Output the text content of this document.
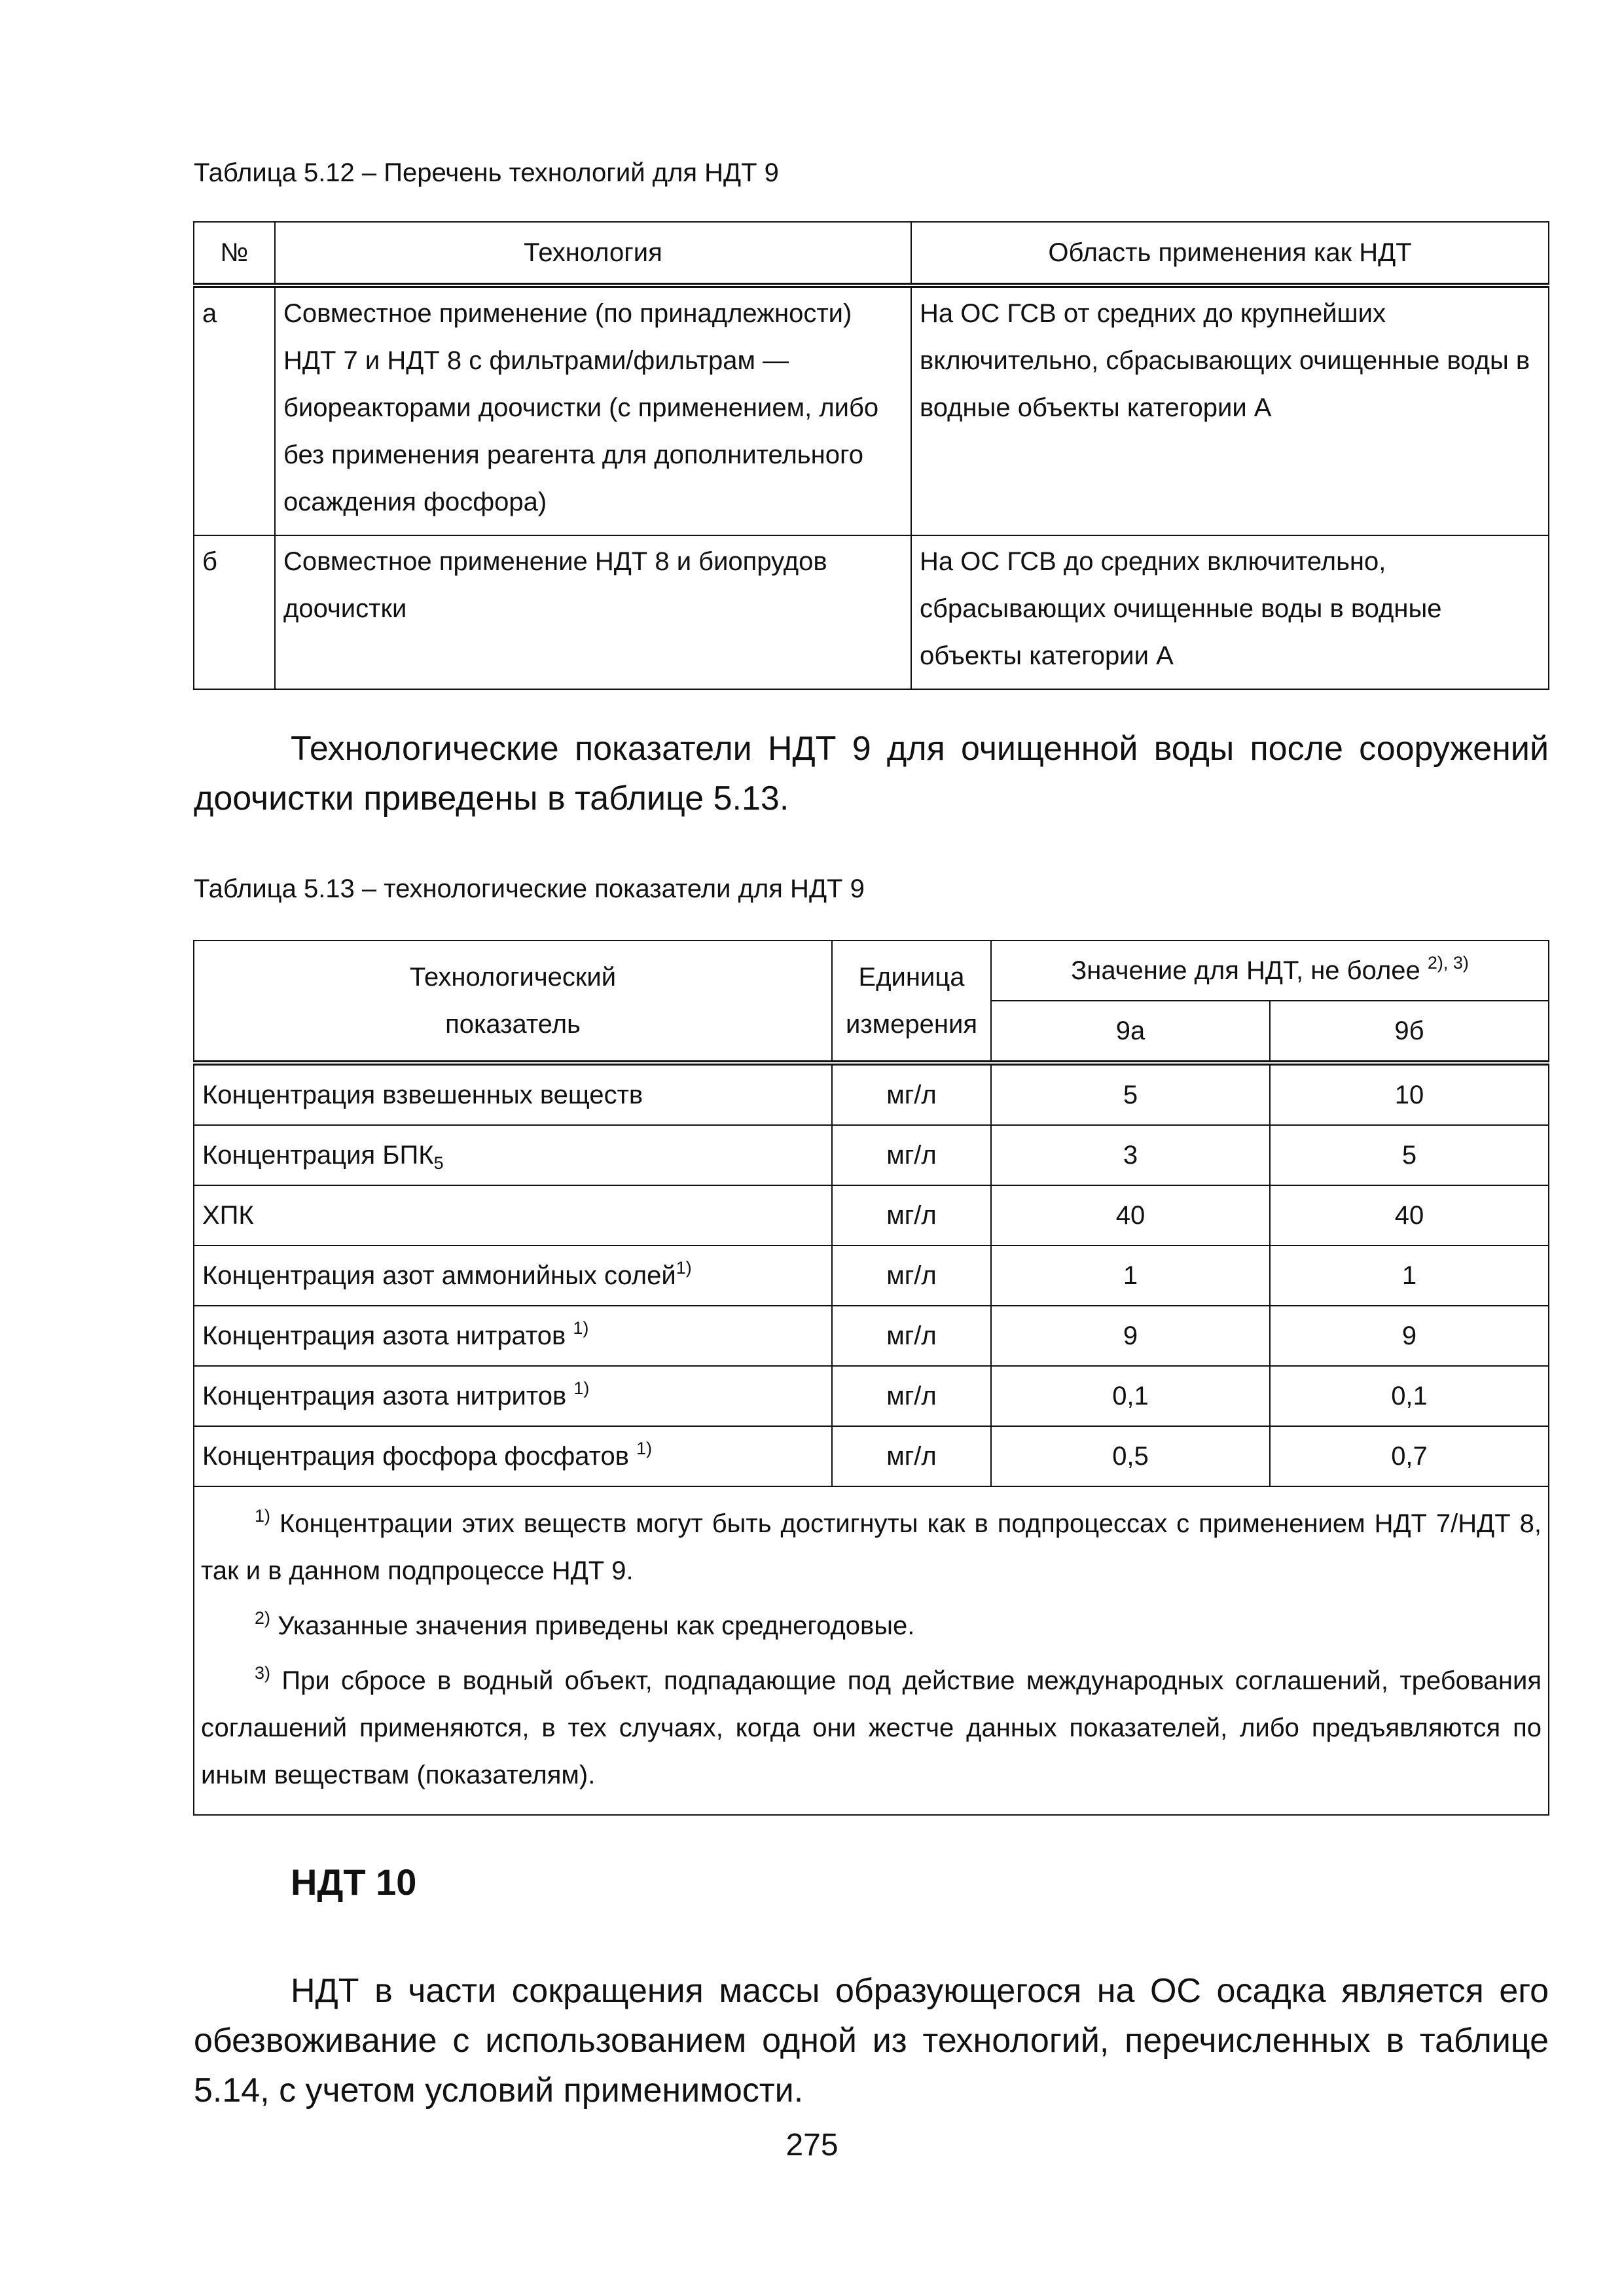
Таблица 5.12 – Перечень технологий для НДТ 9
№	Технология	Область применения как НДТ
а	Совместное применение (по принадлежности) НДТ 7 и НДТ 8 с фильтрами/фильтрам — биореакторами доочистки (с применением, либо без применения реагента для дополнительного осаждения фосфора)	На ОС ГСВ от средних до крупнейших включительно, сбрасывающих очищенные воды в водные объекты категории А
б	Совместное применение НДТ 8 и биопрудов доочистки	На ОС ГСВ до средних включительно, сбрасывающих очищенные воды в водные объекты категории А

Технологические показатели НДТ 9 для очищенной воды после сооружений доочистки приведены в таблице 5.13.

Таблица 5.13 – технологические показатели для НДТ 9
Технологический показатель	Единица измерения	Значение для НДТ, не более $^{2), 3)}$
		9а	9б
Концентрация взвешенных веществ	мг/л	5	10
Концентрация $БПК_5$	мг/л	3	5
ХПК	мг/л	40	40
Концентрация азот аммонийных солей$^{1)}$	мг/л	1	1
Концентрация азота нитратов $^{1)}$	мг/л	9	9
Концентрация азота нитритов $^{1)}$	мг/л	0,1	0,1
Концентрация фосфора фосфатов $^{1)}$	мг/л	0,5	0,7

$^{1)}$ Концентрации этих веществ могут быть достигнуты как в подпроцессах с применением НДТ 7/НДТ 8, так и в данном подпроцессе НДТ 9.

$^{2)}$ Указанные значения приведены как среднегодовые.

$^{3)}$ При сбросе в водный объект, подпадающие под действие международных соглашений, требования соглашений применяются, в тех случаях, когда они жестче данных показателей, либо предъявляются по иным веществам (показателям).			

НДТ 10

НДТ в части сокращения массы образующегося на ОС осадка является его обезвоживание с использованием одной из технологий, перечисленных в таблице 5.14, с учетом условий применимости.

275
